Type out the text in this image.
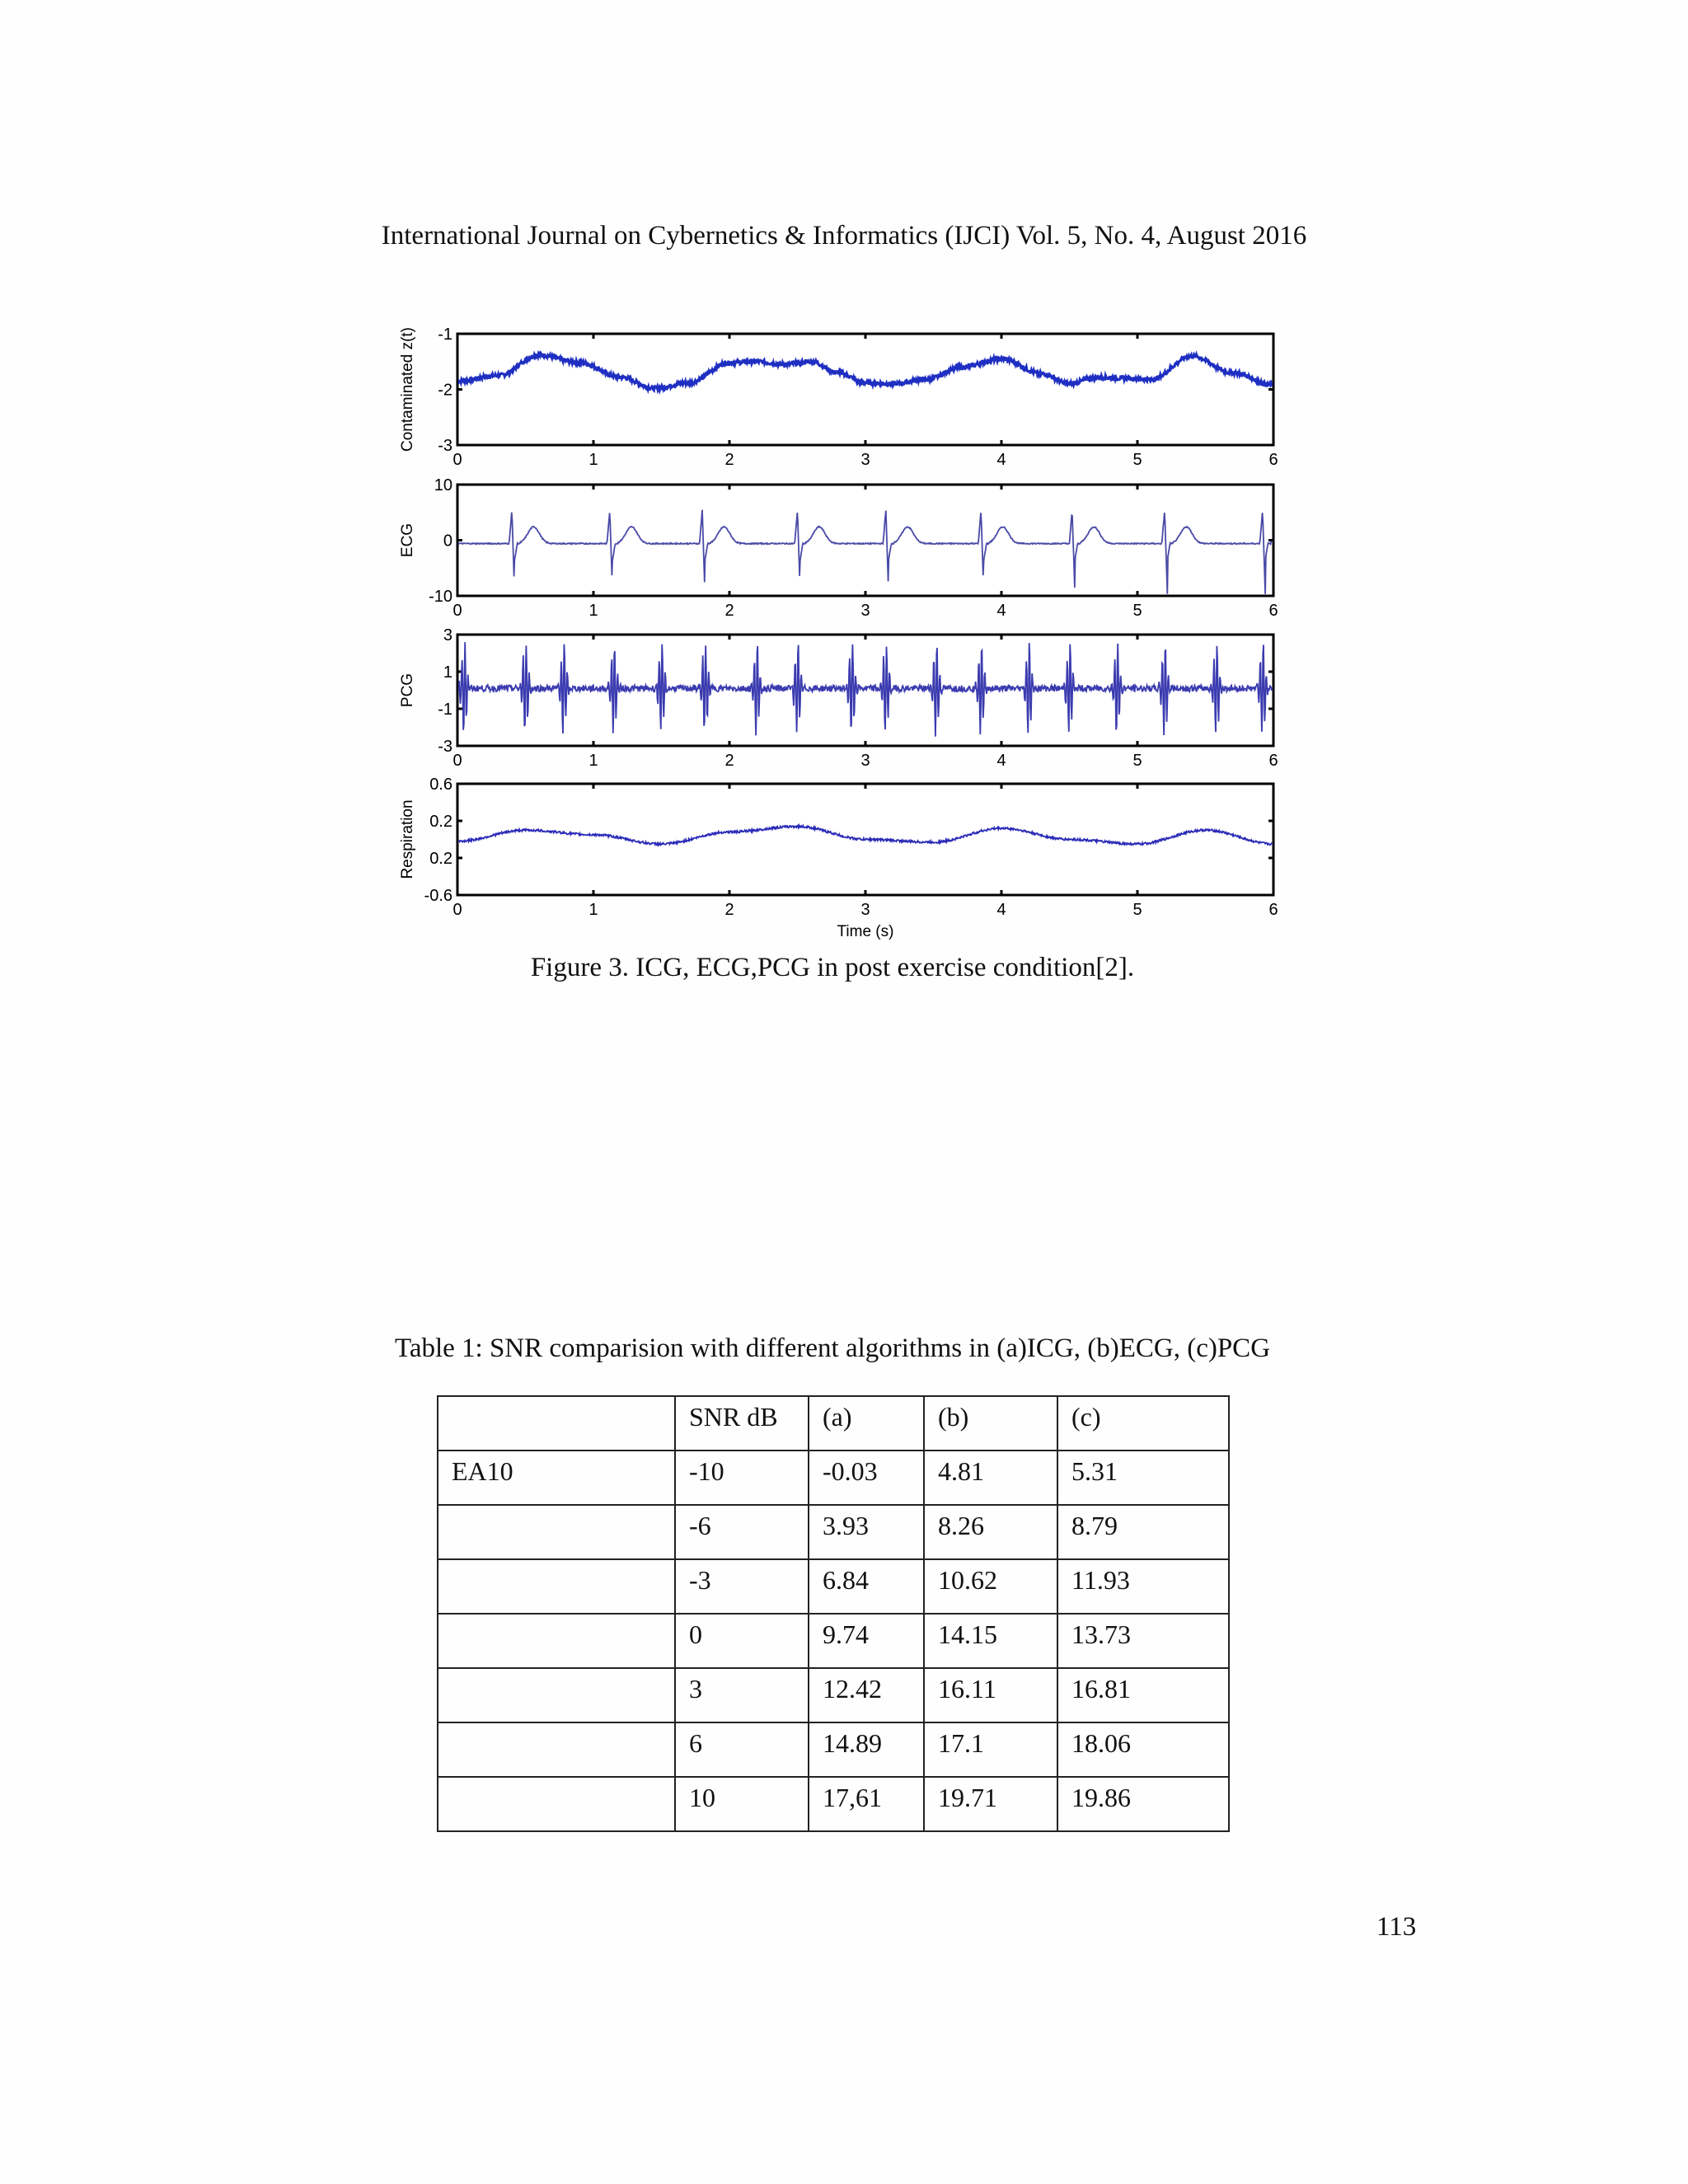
International Journal on Cybernetics & Informatics (IJCI) Vol. 5, No. 4, August 2016
0	1	2	3	4	5	6
-1
-2
-3
Contaminated z(t)
0	1	2	3	4	5	6
10
0
-10
ECG
0	1	2	3	4	5	6
3
1
-1
-3
PCG
0	1	2	3	4	5	6
0.6
0.2
0.2
-0.6
Respiration
Time (s)
Figure 3. ICG, ECG,PCG in post exercise condition[2].
Table 1: SNR comparision with different algorithms in (a)ICG, (b)ECG, (c)PCG
	SNR dB	(a)	(b)	(c)
EA10	-10	-0.03	4.81	5.31
	-6	3.93	8.26	8.79
	-3	6.84	10.62	11.93
	0	9.74	14.15	13.73
	3	12.42	16.11	16.81
	6	14.89	17.1	18.06
	10	17,61	19.71	19.86
113
